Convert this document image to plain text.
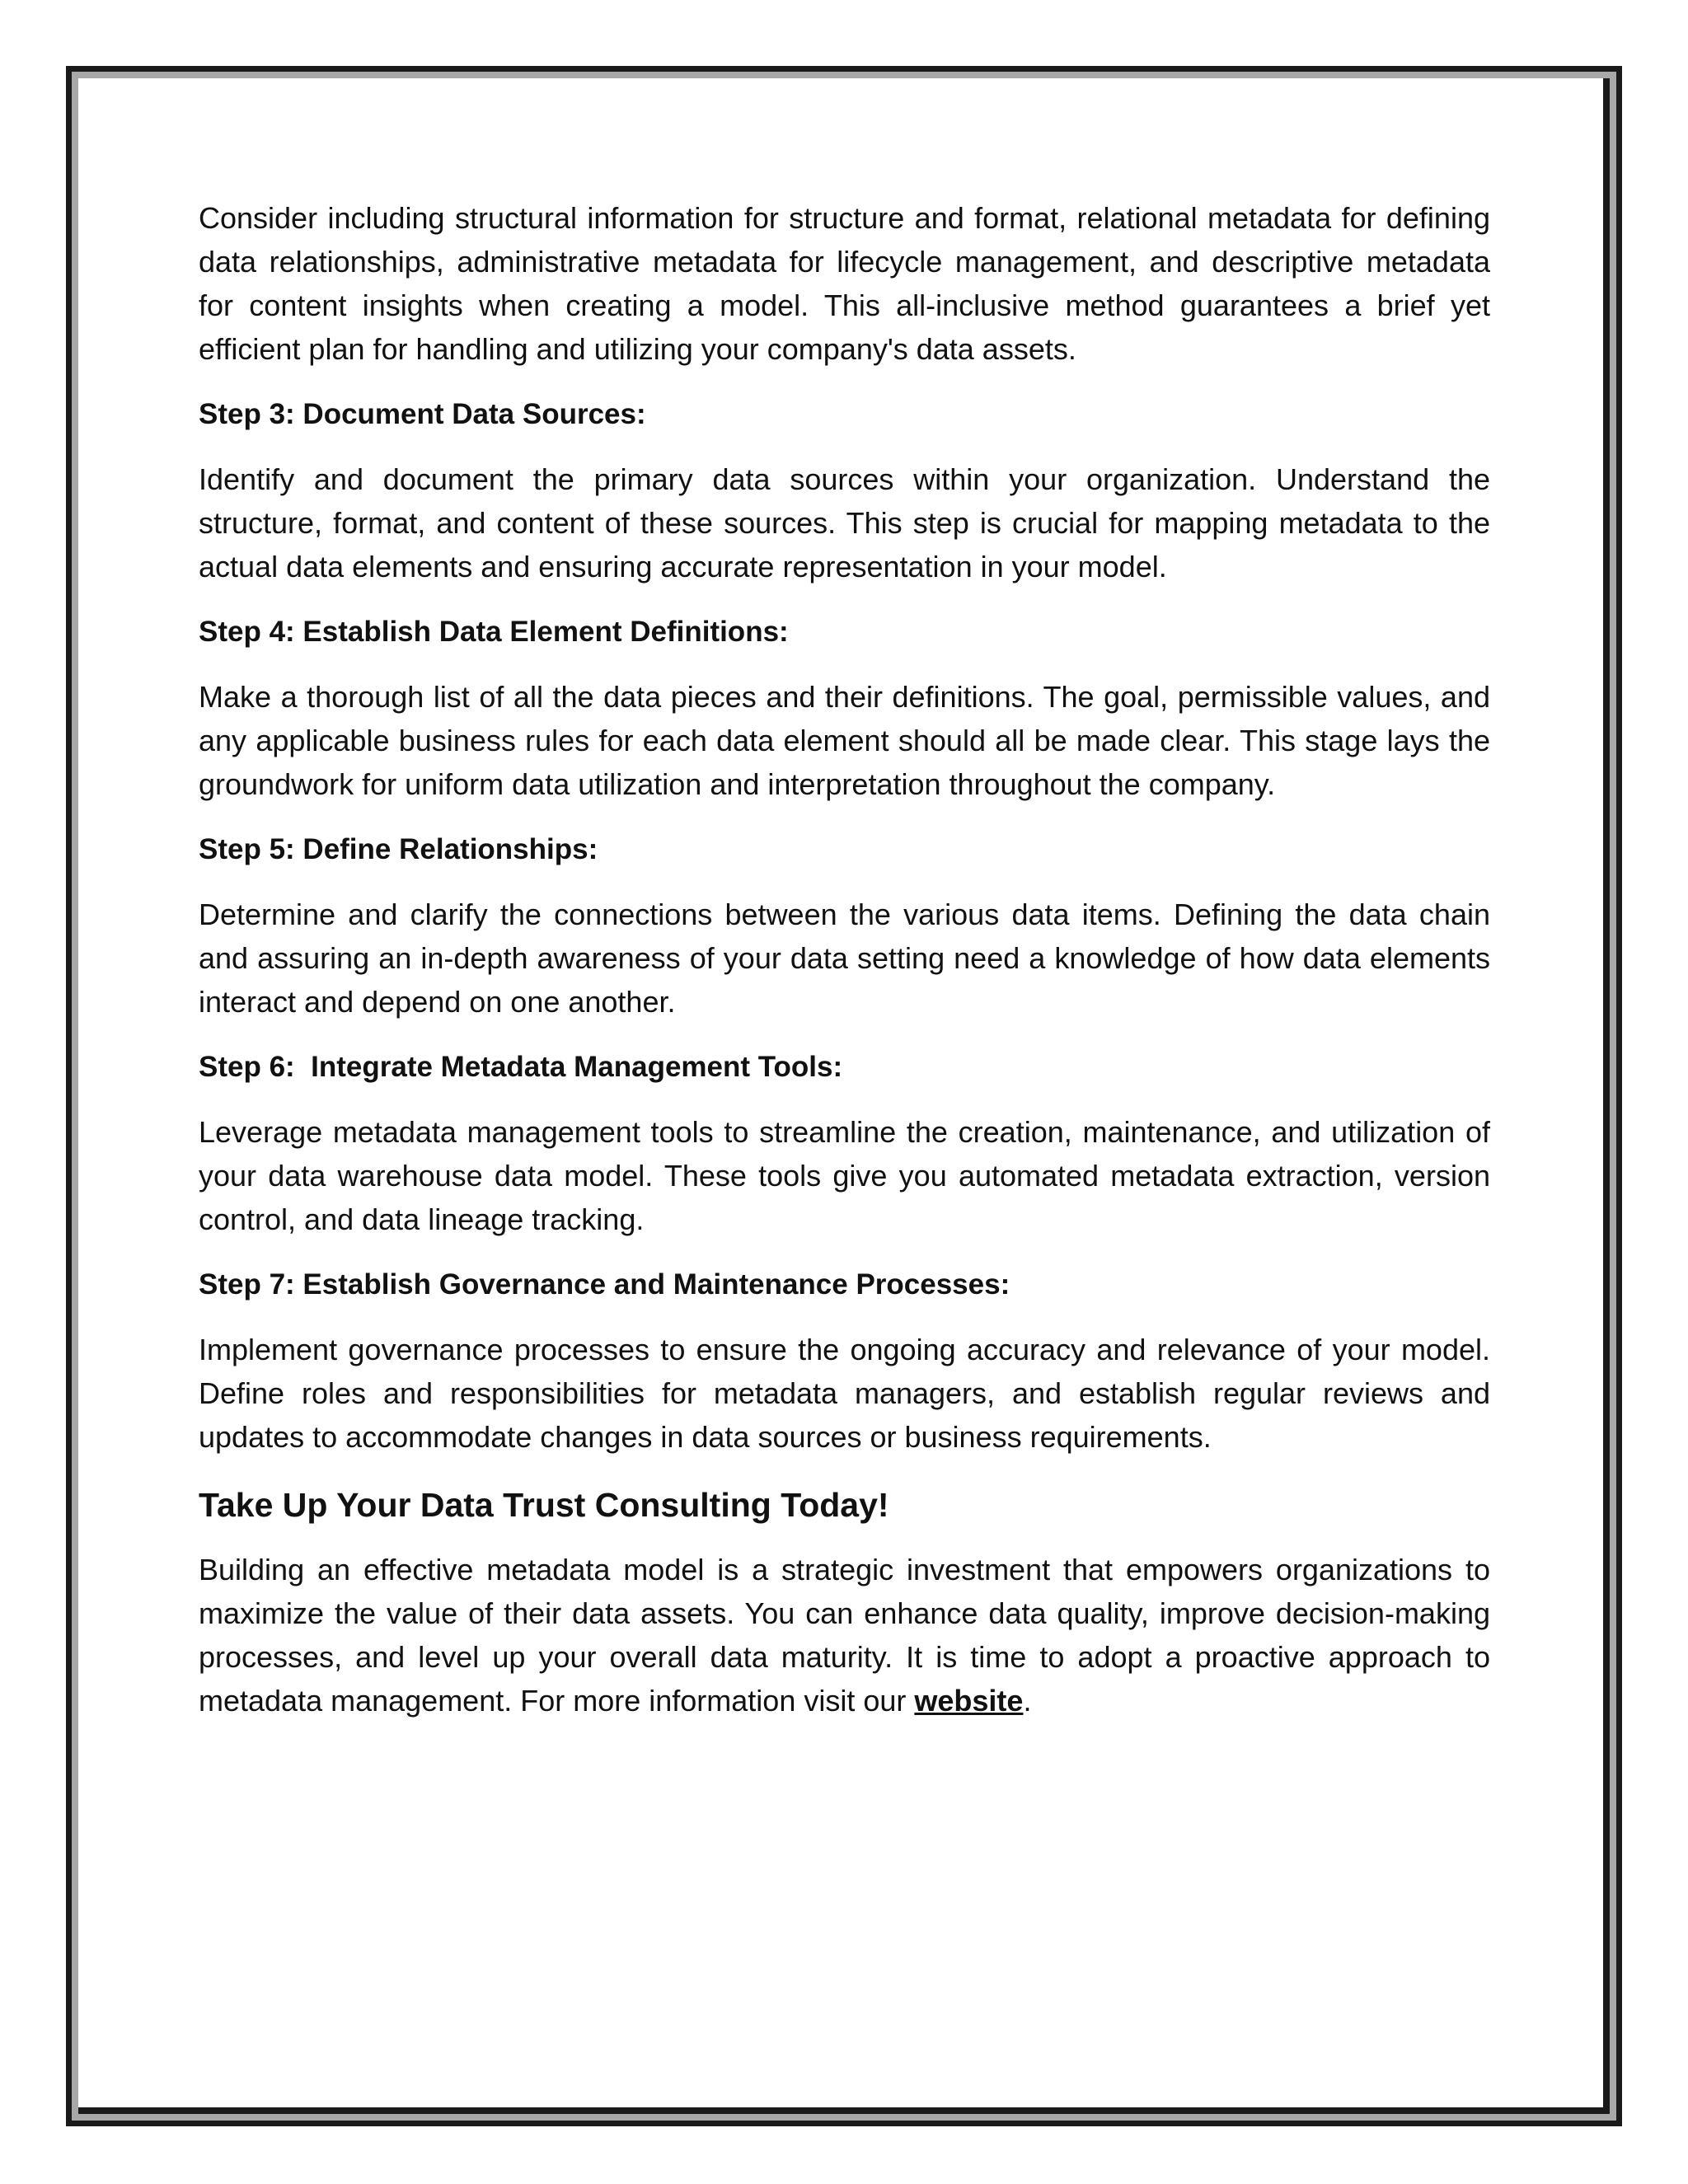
Consider including structural information for structure and format, relational metadata for defining data relationships, administrative metadata for lifecycle management, and descriptive metadata for content insights when creating a model. This all-inclusive method guarantees a brief yet efficient plan for handling and utilizing your company's data assets.

Step 3: Document Data Sources:

Identify and document the primary data sources within your organization. Understand the structure, format, and content of these sources. This step is crucial for mapping metadata to the actual data elements and ensuring accurate representation in your model.

Step 4: Establish Data Element Definitions:

Make a thorough list of all the data pieces and their definitions. The goal, permissible values, and any applicable business rules for each data element should all be made clear. This stage lays the groundwork for uniform data utilization and interpretation throughout the company.

Step 5: Define Relationships:

Determine and clarify the connections between the various data items. Defining the data chain and assuring an in-depth awareness of your data setting need a knowledge of how data elements interact and depend on one another.

Step 6:  Integrate Metadata Management Tools:

Leverage metadata management tools to streamline the creation, maintenance, and utilization of your data warehouse data model. These tools give you automated metadata extraction, version control, and data lineage tracking.

Step 7: Establish Governance and Maintenance Processes:

Implement governance processes to ensure the ongoing accuracy and relevance of your model. Define roles and responsibilities for metadata managers, and establish regular reviews and updates to accommodate changes in data sources or business requirements.

Take Up Your Data Trust Consulting Today!

Building an effective metadata model is a strategic investment that empowers organizations to maximize the value of their data assets. You can enhance data quality, improve decision-making processes, and level up your overall data maturity. It is time to adopt a proactive approach to metadata management. For more information visit our website.
